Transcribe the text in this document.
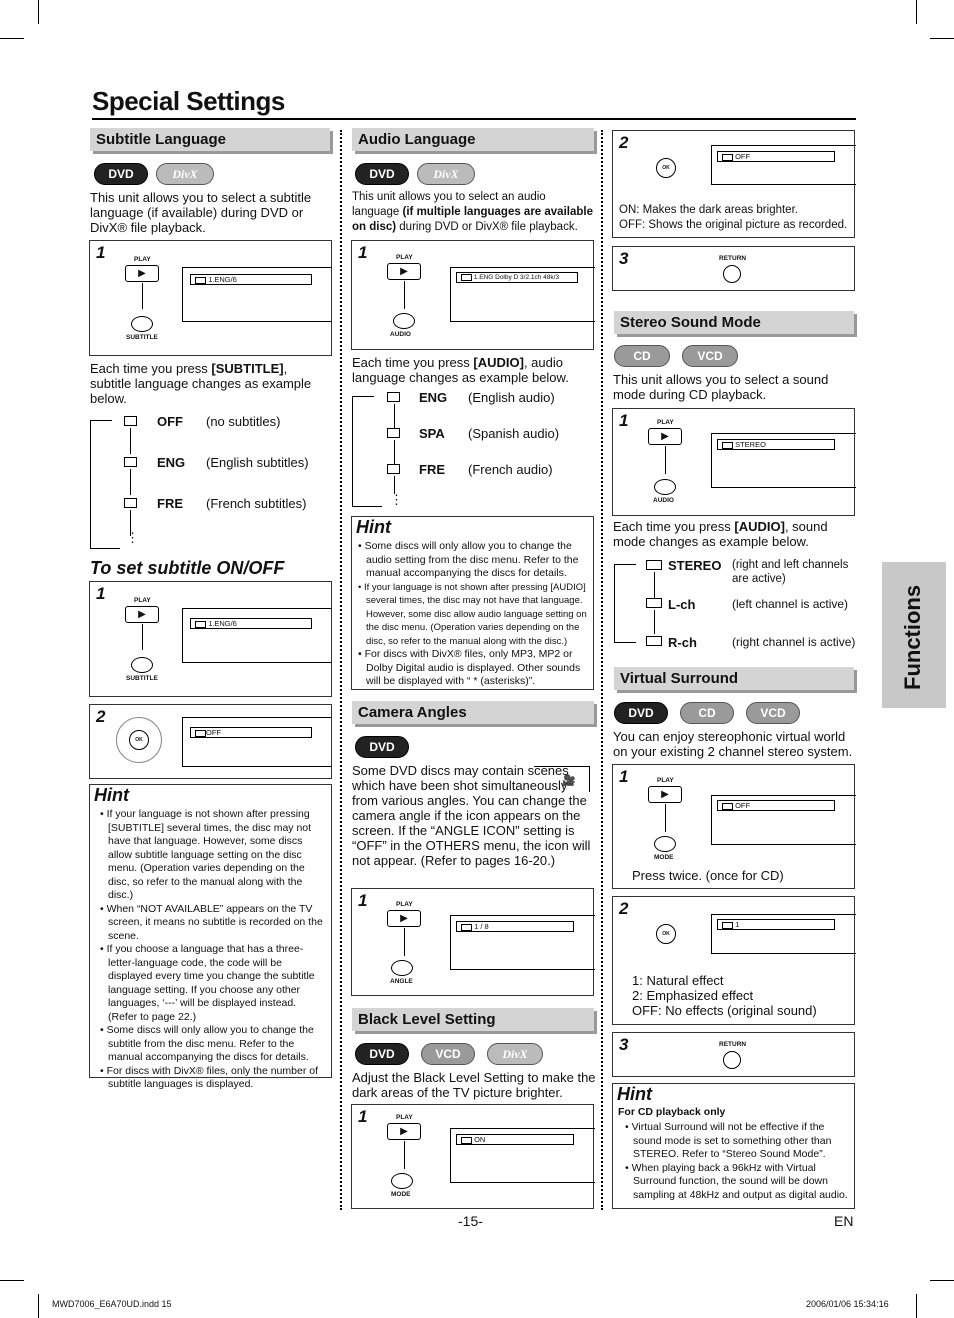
Special Settings
Subtitle Language
DVD	DivX
This unit allows you to select a subtitle language (if available) during DVD or DivX® file playback.
1	PLAY
▶
SUBTITLE
1.ENG/6
Each time you press [SUBTITLE], subtitle language changes as example below.
OFF (no subtitles)
ENG (English subtitles)
FRE (French subtitles)
⋮
To set subtitle ON/OFF
1	PLAY
▶
SUBTITLE
1.ENG/6
2
OK
OFF
Hint
• If your language is not shown after pressing [SUBTITLE] several times, the disc may not have that language. However, some discs allow subtitle language setting on the disc menu. (Operation varies depending on the disc, so refer to the manual along with the disc.)
• When “NOT AVAILABLE” appears on the TV screen, it means no subtitle is recorded on the scene.
• If you choose a language that has a three-letter-language code, the code will be displayed every time you change the subtitle language setting. If you choose any other languages, ‘---’ will be displayed instead. (Refer to page 22.)
• Some discs will only allow you to change the subtitle from the disc menu. Refer to the manual accompanying the discs for details.
• For discs with DivX® files, only the number of subtitle languages is displayed.
Audio Language
DVD	DivX
This unit allows you to select an audio language (if multiple languages are available on disc) during DVD or DivX® file playback.
1	PLAY
▶
AUDIO
1.ENG Dolby D 3/2.1ch 48k/3
Each time you press [AUDIO], audio language changes as example below.
ENG (English audio)
SPA (Spanish audio)
FRE (French audio)
⋮
Hint
• Some discs will only allow you to change the audio setting from the disc menu. Refer to the manual accompanying the discs for details.
• If your language is not shown after pressing [AUDIO] several times, the disc may not have that language. However, some disc allow audio language setting on the disc menu. (Operation varies depending on the disc, so refer to the manual along with the disc.)
• For discs with DivX® files, only MP3, MP2 or Dolby Digital audio is displayed. Other sounds will be displayed with “ * (asterisks)”.
Camera Angles
DVD
🎥
Some DVD discs may contain scenes which have been shot simultaneously from various angles. You can change the camera angle if the icon appears on the screen. If the “ANGLE ICON” setting is “OFF” in the OTHERS menu, the icon will not appear. (Refer to pages 16-20.)
1	PLAY
▶
ANGLE
1 / 8
Black Level Setting
DVD	VCD	DivX
Adjust the Black Level Setting to make the dark areas of the TV picture brighter.
1	PLAY
▶
MODE
ON
2
OK
OFF
ON: Makes the dark areas brighter.
OFF: Shows the original picture as recorded.
3	RETURN
Stereo Sound Mode
CD	VCD
This unit allows you to select a sound mode during CD playback.
1	PLAY
▶
AUDIO
STEREO
Each time you press [AUDIO], sound mode changes as example below.
STEREO (right and left channels are active)
L-ch	(left channel is active)
R-ch	(right channel is active)
Virtual Surround
DVD	CD	VCD
You can enjoy stereophonic virtual world on your existing 2 channel stereo system.
1	PLAY
▶
MODE
OFF
Press twice. (once for CD)
2
OK
1
1: Natural effect
2: Emphasized effect
OFF: No effects (original sound)
3	RETURN
Hint
For CD playback only
• Virtual Surround will not be effective if the sound mode is set to something other than STEREO. Refer to “Stereo Sound Mode”.
• When playing back a 96kHz with Virtual Surround function, the sound will be down sampling at 48kHz and output as digital audio.
-15-	EN
MWD7006_E6A70UD.indd 15	2006/01/06 15:34:16
